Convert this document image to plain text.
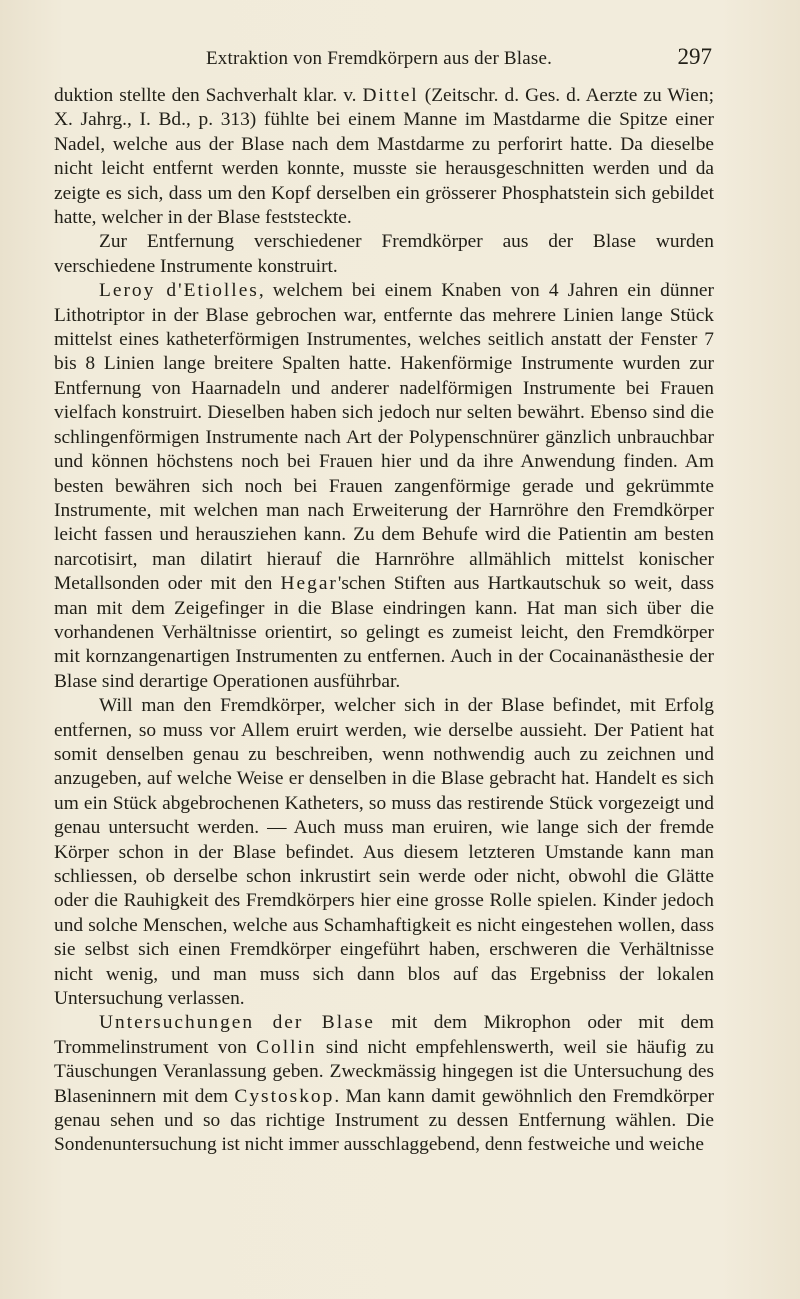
Extraktion von Fremdkörpern aus der Blase.	297

duktion stellte den Sachverhalt klar. v. Dittel (Zeitschr. d. Ges. d. Aerzte zu Wien; X. Jahrg., I. Bd., p. 313) fühlte bei einem Manne im Mastdarme die Spitze einer Nadel, welche aus der Blase nach dem Mastdarme zu perforirt hatte. Da dieselbe nicht leicht entfernt werden konnte, musste sie herausgeschnitten werden und da zeigte es sich, dass um den Kopf derselben ein grösserer Phosphatstein sich gebildet hatte, welcher in der Blase feststeckte.

Zur Entfernung verschiedener Fremdkörper aus der Blase wurden verschiedene Instrumente konstruirt.

Leroy d'Etiolles, welchem bei einem Knaben von 4 Jahren ein dünner Lithotriptor in der Blase gebrochen war, entfernte das mehrere Linien lange Stück mittelst eines katheterförmigen Instrumentes, welches seitlich anstatt der Fenster 7 bis 8 Linien lange breitere Spalten hatte. Hakenförmige Instrumente wurden zur Entfernung von Haarnadeln und anderer nadelförmigen Instrumente bei Frauen vielfach konstruirt. Dieselben haben sich jedoch nur selten bewährt. Ebenso sind die schlingenförmigen Instrumente nach Art der Polypenschnürer gänzlich unbrauchbar und können höchstens noch bei Frauen hier und da ihre Anwendung finden. Am besten bewähren sich noch bei Frauen zangenförmige gerade und gekrümmte Instrumente, mit welchen man nach Erweiterung der Harnröhre den Fremdkörper leicht fassen und herausziehen kann. Zu dem Behufe wird die Patientin am besten narcotisirt, man dilatirt hierauf die Harnröhre allmählich mittelst konischer Metallsonden oder mit den Hegar'schen Stiften aus Hartkautschuk so weit, dass man mit dem Zeigefinger in die Blase eindringen kann. Hat man sich über die vorhandenen Verhältnisse orientirt, so gelingt es zumeist leicht, den Fremdkörper mit kornzangenartigen Instrumenten zu entfernen. Auch in der Cocainanästhesie der Blase sind derartige Operationen ausführbar.

Will man den Fremdkörper, welcher sich in der Blase befindet, mit Erfolg entfernen, so muss vor Allem eruirt werden, wie derselbe aussieht. Der Patient hat somit denselben genau zu beschreiben, wenn nothwendig auch zu zeichnen und anzugeben, auf welche Weise er denselben in die Blase gebracht hat. Handelt es sich um ein Stück abgebrochenen Katheters, so muss das restirende Stück vorgezeigt und genau untersucht werden. — Auch muss man eruiren, wie lange sich der fremde Körper schon in der Blase befindet. Aus diesem letzteren Umstande kann man schliessen, ob derselbe schon inkrustirt sein werde oder nicht, obwohl die Glätte oder die Rauhigkeit des Fremdkörpers hier eine grosse Rolle spielen. Kinder jedoch und solche Menschen, welche aus Schamhaftigkeit es nicht eingestehen wollen, dass sie selbst sich einen Fremdkörper eingeführt haben, erschweren die Verhältnisse nicht wenig, und man muss sich dann blos auf das Ergebniss der lokalen Untersuchung verlassen.

Untersuchungen der Blase mit dem Mikrophon oder mit dem Trommelinstrument von Collin sind nicht empfehlenswerth, weil sie häufig zu Täuschungen Veranlassung geben. Zweckmässig hingegen ist die Untersuchung des Blaseninnern mit dem Cystoskop. Man kann damit gewöhnlich den Fremdkörper genau sehen und so das richtige Instrument zu dessen Entfernung wählen. Die Sondenuntersuchung ist nicht immer ausschlaggebend, denn festweiche und weiche
